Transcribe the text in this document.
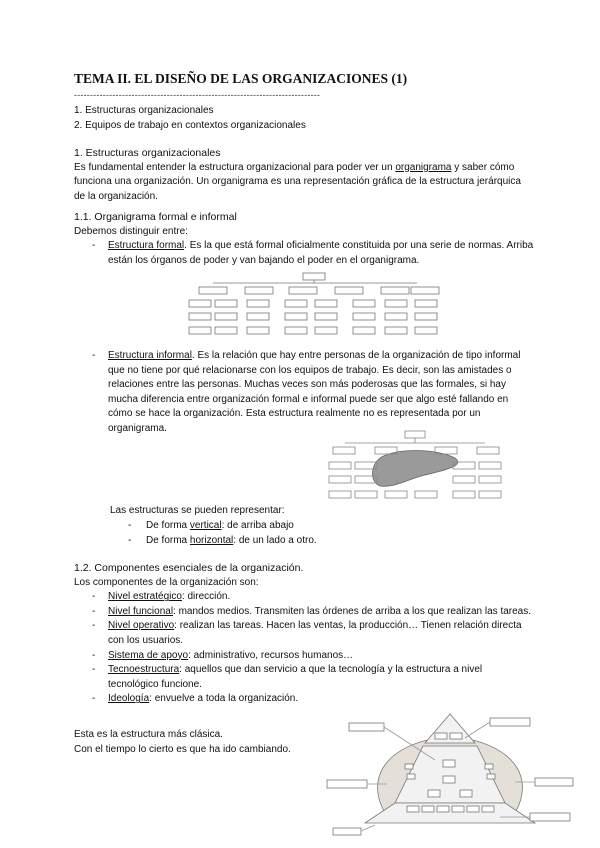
TEMA II. EL DISEÑO DE LAS ORGANIZACIONES (1)
-----------------------------------------------------------------------------
1. Estructuras organizacionales
2. Equipos de trabajo en contextos organizacionales
1. Estructuras organizacionales
Es fundamental entender la estructura organizacional para poder ver un organigrama y saber cómo funciona una organización. Un organigrama es una representación gráfica de la estructura jerárquica de la organización.
1.1. Organigrama formal e informal
Debemos distinguir entre:
- Estructura formal. Es la que está formal oficialmente constituida por una serie de normas. Arriba están los órganos de poder y van bajando el poder en el organigrama.
- Estructura informal. Es la relación que hay entre personas de la organización de tipo informal que no tiene por qué relacionarse con los equipos de trabajo. Es decir, son las amistades o relaciones entre las personas. Muchas veces son más poderosas que las formales, si hay mucha diferencia entre organización formal e informal puede ser que algo esté fallando en cómo se hace la organización. Esta estructura realmente no es representada por un organigrama.
Las estructuras se pueden representar:
- De forma vertical: de arriba abajo
- De forma horizontal: de un lado a otro.
1.2. Componentes esenciales de la organización.
Los componentes de la organización son:
- Nivel estratégico: dirección.
- Nivel funcional: mandos medios. Transmiten las órdenes de arriba a los que realizan las tareas.
- Nivel operativo: realizan las tareas. Hacen las ventas, la producción… Tienen relación directa con los usuarios.
- Sistema de apoyo: administrativo, recursos humanos…
- Tecnoestructura: aquellos que dan servicio a que la tecnología y la estructura a nivel tecnológico funcione.
- Ideología: envuelve a toda la organización.
Esta es la estructura más clásica.
Con el tiempo lo cierto es que ha ido cambiando.
